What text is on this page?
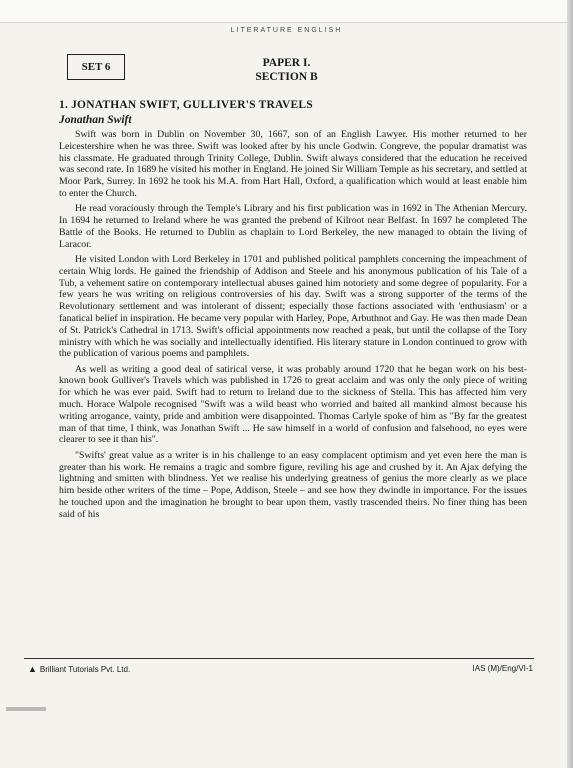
LITERATURE ENGLISH
SET 6	PAPER I.
SECTION B
1. JONATHAN SWIFT, GULLIVER'S TRAVELS
Jonathan Swift

Swift was born in Dublin on November 30, 1667, son of an English Lawyer. His mother returned to her Leicestershire when he was three. Swift was looked after by his uncle Godwin. Congreve, the popular dramatist was his classmate. He graduated through Trinity College, Dublin. Swift always considered that the education he received was second rate. In 1689 he visited his mother in England. He joined Sir William Temple as his secretary, and settled at Moor Park, Surrey. In 1692 he took his M.A. from Hart Hall, Oxford, a qualification which would at least enable him to enter the Church.

He read voraciously through the Temple's Library and his first publication was in 1692 in The Athenian Mercury. In 1694 he returned to Ireland where he was granted the prebend of Kilroot near Belfast. In 1697 he completed The Battle of the Books. He returned to Dublin as chaplain to Lord Berkeley, the new managed to obtain the living of Laracor.

He visited London with Lord Berkeley in 1701 and published political pamphlets concerning the impeachment of certain Whig lords. He gained the friendship of Addison and Steele and his anonymous publication of his Tale of a Tub, a vehement satire on contemporary intellectual abuses gained him notoriety and some degree of popularity. For a few years he was writing on religious controversies of his day. Swift was a strong supporter of the terms of the Revolutionary settlement and was intolerant of dissent; especially those factions associated with 'enthusiasm' or a fanatical belief in inspiration. He became very popular with Harley, Pope, Arbuthnot and Gay. He was then made Dean of St. Patrick's Cathedral in 1713. Swift's official appointments now reached a peak, but until the collapse of the Tory ministry with which he was socially and intellectually identified. His literary stature in London continued to grow with the publication of various poems and pamphlets.

As well as writing a good deal of satirical verse, it was probably around 1720 that he began work on his best-known book Gulliver's Travels which was published in 1726 to great acclaim and was only the only piece of writing for which he was ever paid. Swift had to return to Ireland due to the sickness of Stella. This has affected him very much. Horace Walpole recognised "Swift was a wild beast who worried and baited all mankind almost because his writing arrogance, vainty, pride and ambition were disappointed. Thomas Carlyle spoke of him as "By far the greatest man of that time, I think, was Jonathan Swift ... He saw himself in a world of confusion and falsehood, no eyes were clearer to see it than his".

"Swifts' great value as a writer is in his challenge to an easy complacent optimism and yet even here the man is greater than his work. He remains a tragic and sombre figure, reviling his age and crushed by it. An Ajax defying the lightning and smitten with blindness. Yet we realise his underlying greatness of genius the more clearly as we place him beside other writers of the time – Pope, Addison, Steele – and see how they dwindle in importance. For the issues he touched upon and the imagination he brought to bear upon them, vastly trascended theirs. No finer thing has been said of his

▲ Brilliant Tutorials Pvt. Ltd.	IAS (M)/Eng/VI-1
